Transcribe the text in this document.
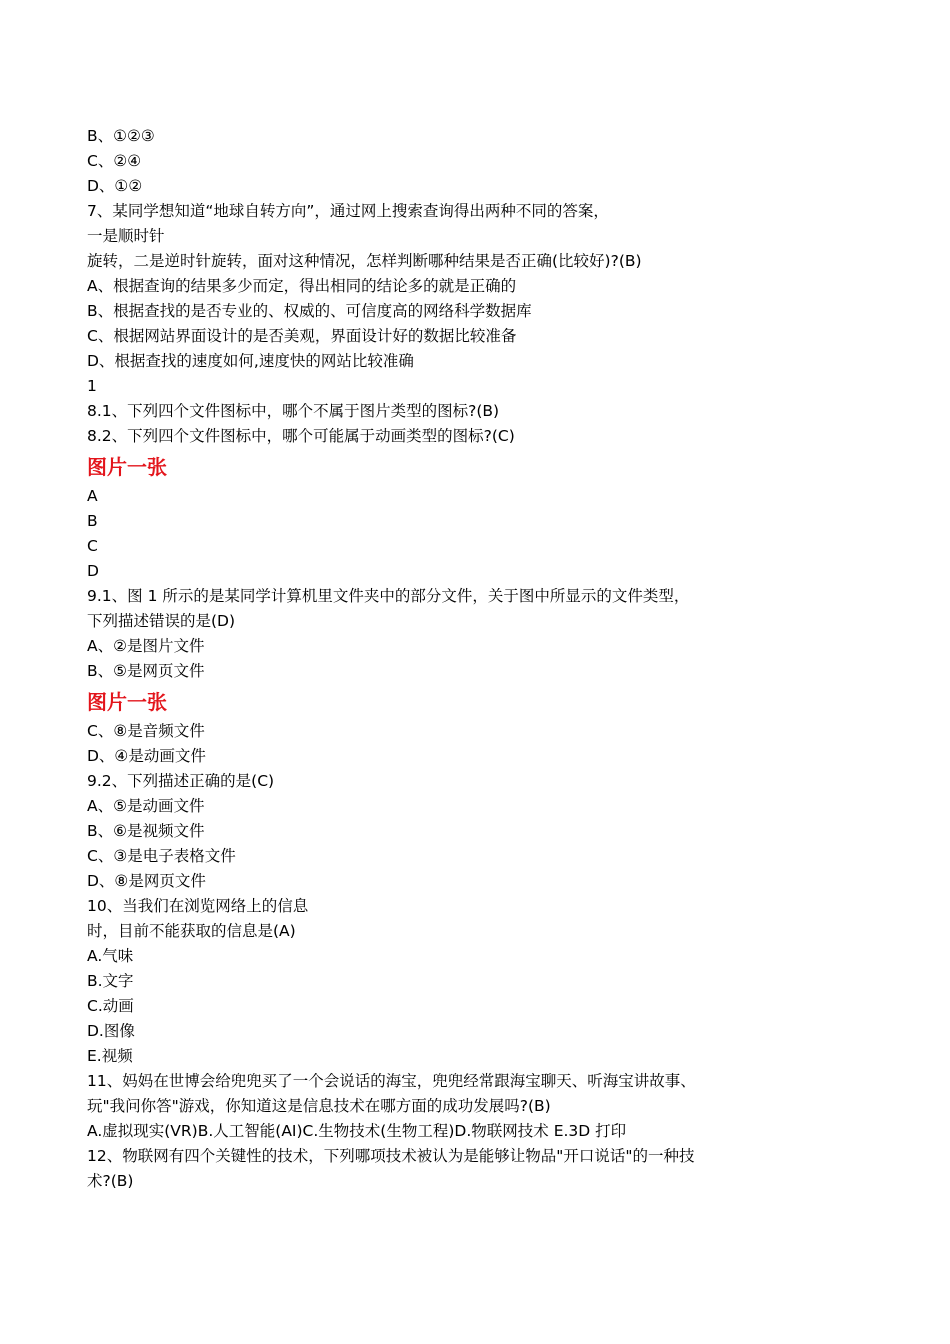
B、①②③
C、②④
D、①②
7、某同学想知道“地球自转方向”，通过网上搜索查询得出两种不同的答案，
一是顺时针
旋转，二是逆时针旋转，面对这种情况，怎样判断哪种结果是否正确(比较好)?(B)
A、根据查询的结果多少而定，得出相同的结论多的就是正确的
B、根据查找的是否专业的、权威的、可信度高的网络科学数据库
C、根据网站界面设计的是否美观，界面设计好的数据比较准备
D、根据查找的速度如何,速度快的网站比较准确
1
8.1、下列四个文件图标中，哪个不属于图片类型的图标?(B)
8.2、下列四个文件图标中，哪个可能属于动画类型的图标?(C)
图片一张
A
B
C
D
9.1、图 1 所示的是某同学计算机里文件夹中的部分文件，关于图中所显示的文件类型，
下列描述错误的是(D)
A、②是图片文件
B、⑤是网页文件
图片一张
C、⑧是音频文件
D、④是动画文件
9.2、下列描述正确的是(C)
A、⑤是动画文件
B、⑥是视频文件
C、③是电子表格文件
D、⑧是网页文件
10、当我们在浏览网络上的信息
时，目前不能获取的信息是(A)
A.气味
B.文字
C.动画
D.图像
E.视频
11、妈妈在世博会给兜兜买了一个会说话的海宝，兜兜经常跟海宝聊天、听海宝讲故事、
玩"我问你答"游戏，你知道这是信息技术在哪方面的成功发展吗?(B)
A.虚拟现实(VR)B.人工智能(AI)C.生物技术(生物工程)D.物联网技术 E.3D 打印
12、物联网有四个关键性的技术，下列哪项技术被认为是能够让物品"开口说话"的一种技
术?(B)
